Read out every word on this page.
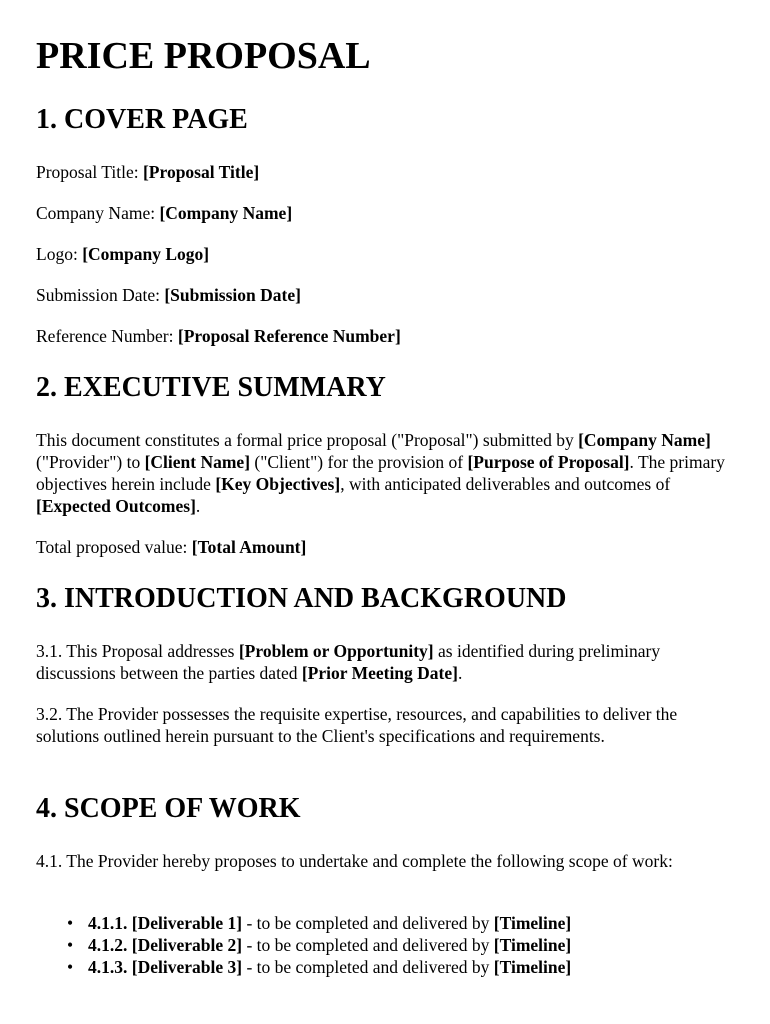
PRICE PROPOSAL
1. COVER PAGE

Proposal Title: [Proposal Title]

Company Name: [Company Name]

Logo: [Company Logo]

Submission Date: [Submission Date]

Reference Number: [Proposal Reference Number]

2. EXECUTIVE SUMMARY

This document constitutes a formal price proposal ("Proposal") submitted by [Company Name] ("Provider") to [Client Name] ("Client") for the provision of [Purpose of Proposal]. The primary objectives herein include [Key Objectives], with anticipated deliverables and outcomes of [Expected Outcomes].

Total proposed value: [Total Amount]

3. INTRODUCTION AND BACKGROUND

3.1. This Proposal addresses [Problem or Opportunity] as identified during preliminary discussions between the parties dated [Prior Meeting Date].

3.2. The Provider possesses the requisite expertise, resources, and capabilities to deliver the solutions outlined herein pursuant to the Client's specifications and requirements.

4. SCOPE OF WORK

4.1. The Provider hereby proposes to undertake and complete the following scope of work:

• 4.1.1. [Deliverable 1] - to be completed and delivered by [Timeline]
• 4.1.2. [Deliverable 2] - to be completed and delivered by [Timeline]
• 4.1.3. [Deliverable 3] - to be completed and delivered by [Timeline]
